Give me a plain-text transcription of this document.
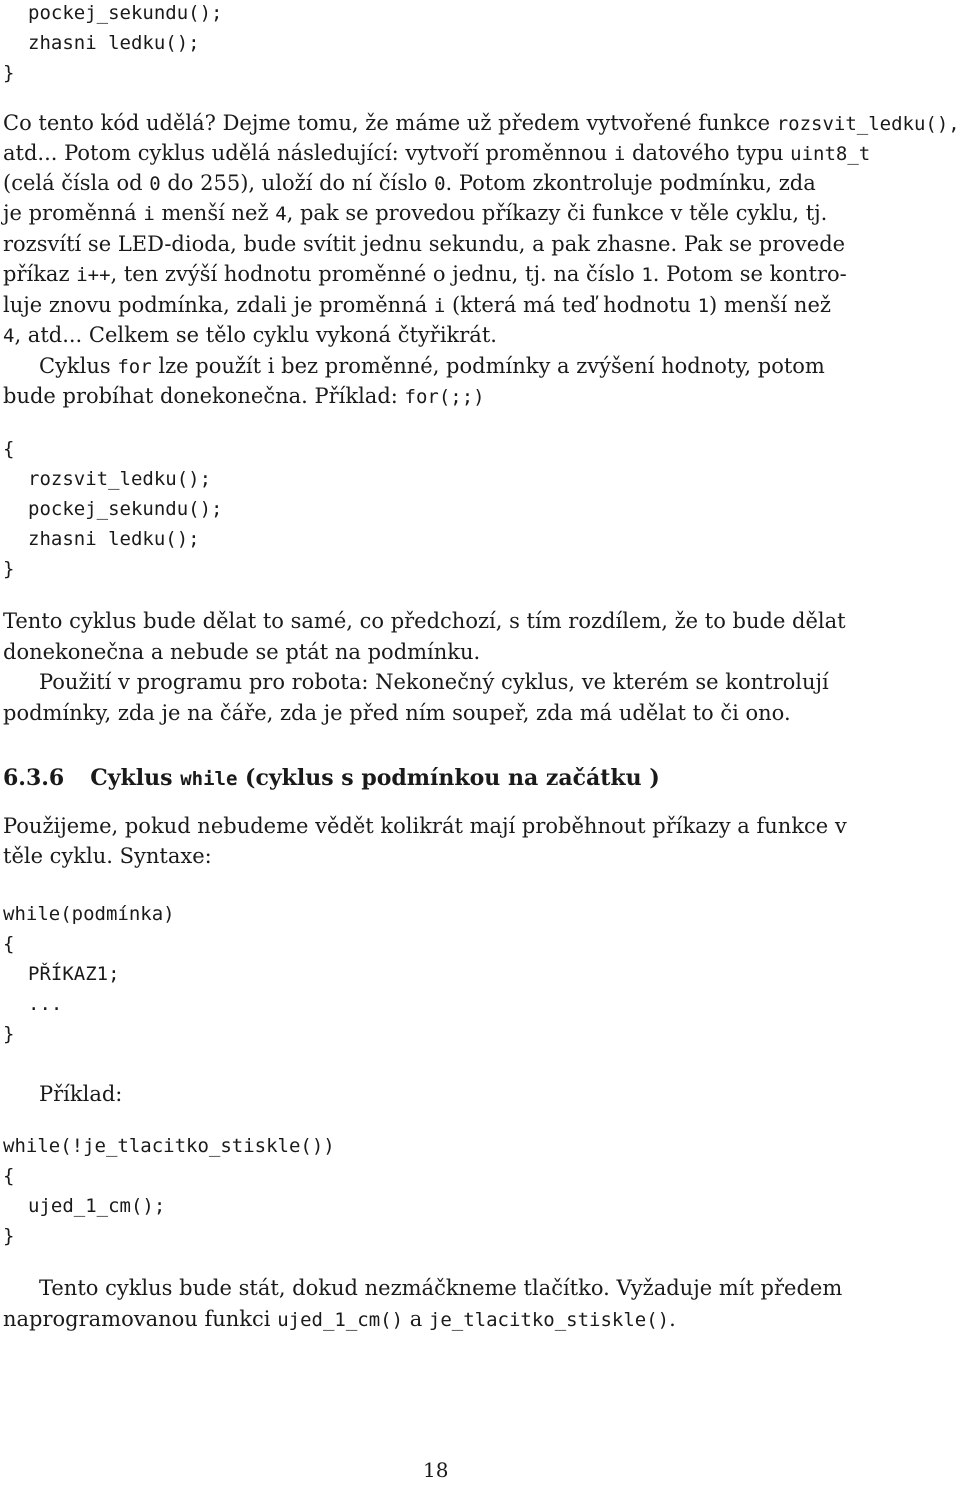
pockej_sekundu();
zhasni ledku();
}
Co tento kód udělá? Dejme tomu, že máme už předem vytvořené funkce rozsvit_ledku(),
atd... Potom cyklus udělá následující: vytvoří proměnnou i datového typu uint8_t
(celá čísla od 0 do 255), uloží do ní číslo 0. Potom zkontroluje podmínku, zda
je proměnná i menší než 4, pak se provedou příkazy či funkce v těle cyklu, tj.
rozsvítí se LED-dioda, bude svítit jednu sekundu, a pak zhasne. Pak se provede
příkaz i++, ten zvýší hodnotu proměnné o jednu, tj. na číslo 1. Potom se kontro-
luje znovu podmínka, zdali je proměnná i (která má teď hodnotu 1) menší než
4, atd... Celkem se tělo cyklu vykoná čtyřikrát.
Cyklus for lze použít i bez proměnné, podmínky a zvýšení hodnoty, potom
bude probíhat donekonečna. Příklad: for(;;)
{
rozsvit_ledku();
pockej_sekundu();
zhasni ledku();
}
Tento cyklus bude dělat to samé, co předchozí, s tím rozdílem, že to bude dělat
donekonečna a nebude se ptát na podmínku.
Použití v programu pro robota: Nekonečný cyklus, ve kterém se kontrolují
podmínky, zda je na čáře, zda je před ním soupeř, zda má udělat to či ono.
6.3.6 Cyklus while (cyklus s podmínkou na začátku )
Použijeme, pokud nebudeme vědět kolikrát mají proběhnout příkazy a funkce v
těle cyklu. Syntaxe:
while(podmínka)
{
PŘÍKAZ1;
...
}
Příklad:
while(!je_tlacitko_stiskle())
{
ujed_1_cm();
}
Tento cyklus bude stát, dokud nezmáčkneme tlačítko. Vyžaduje mít předem
naprogramovanou funkci ujed_1_cm() a je_tlacitko_stiskle().
18
